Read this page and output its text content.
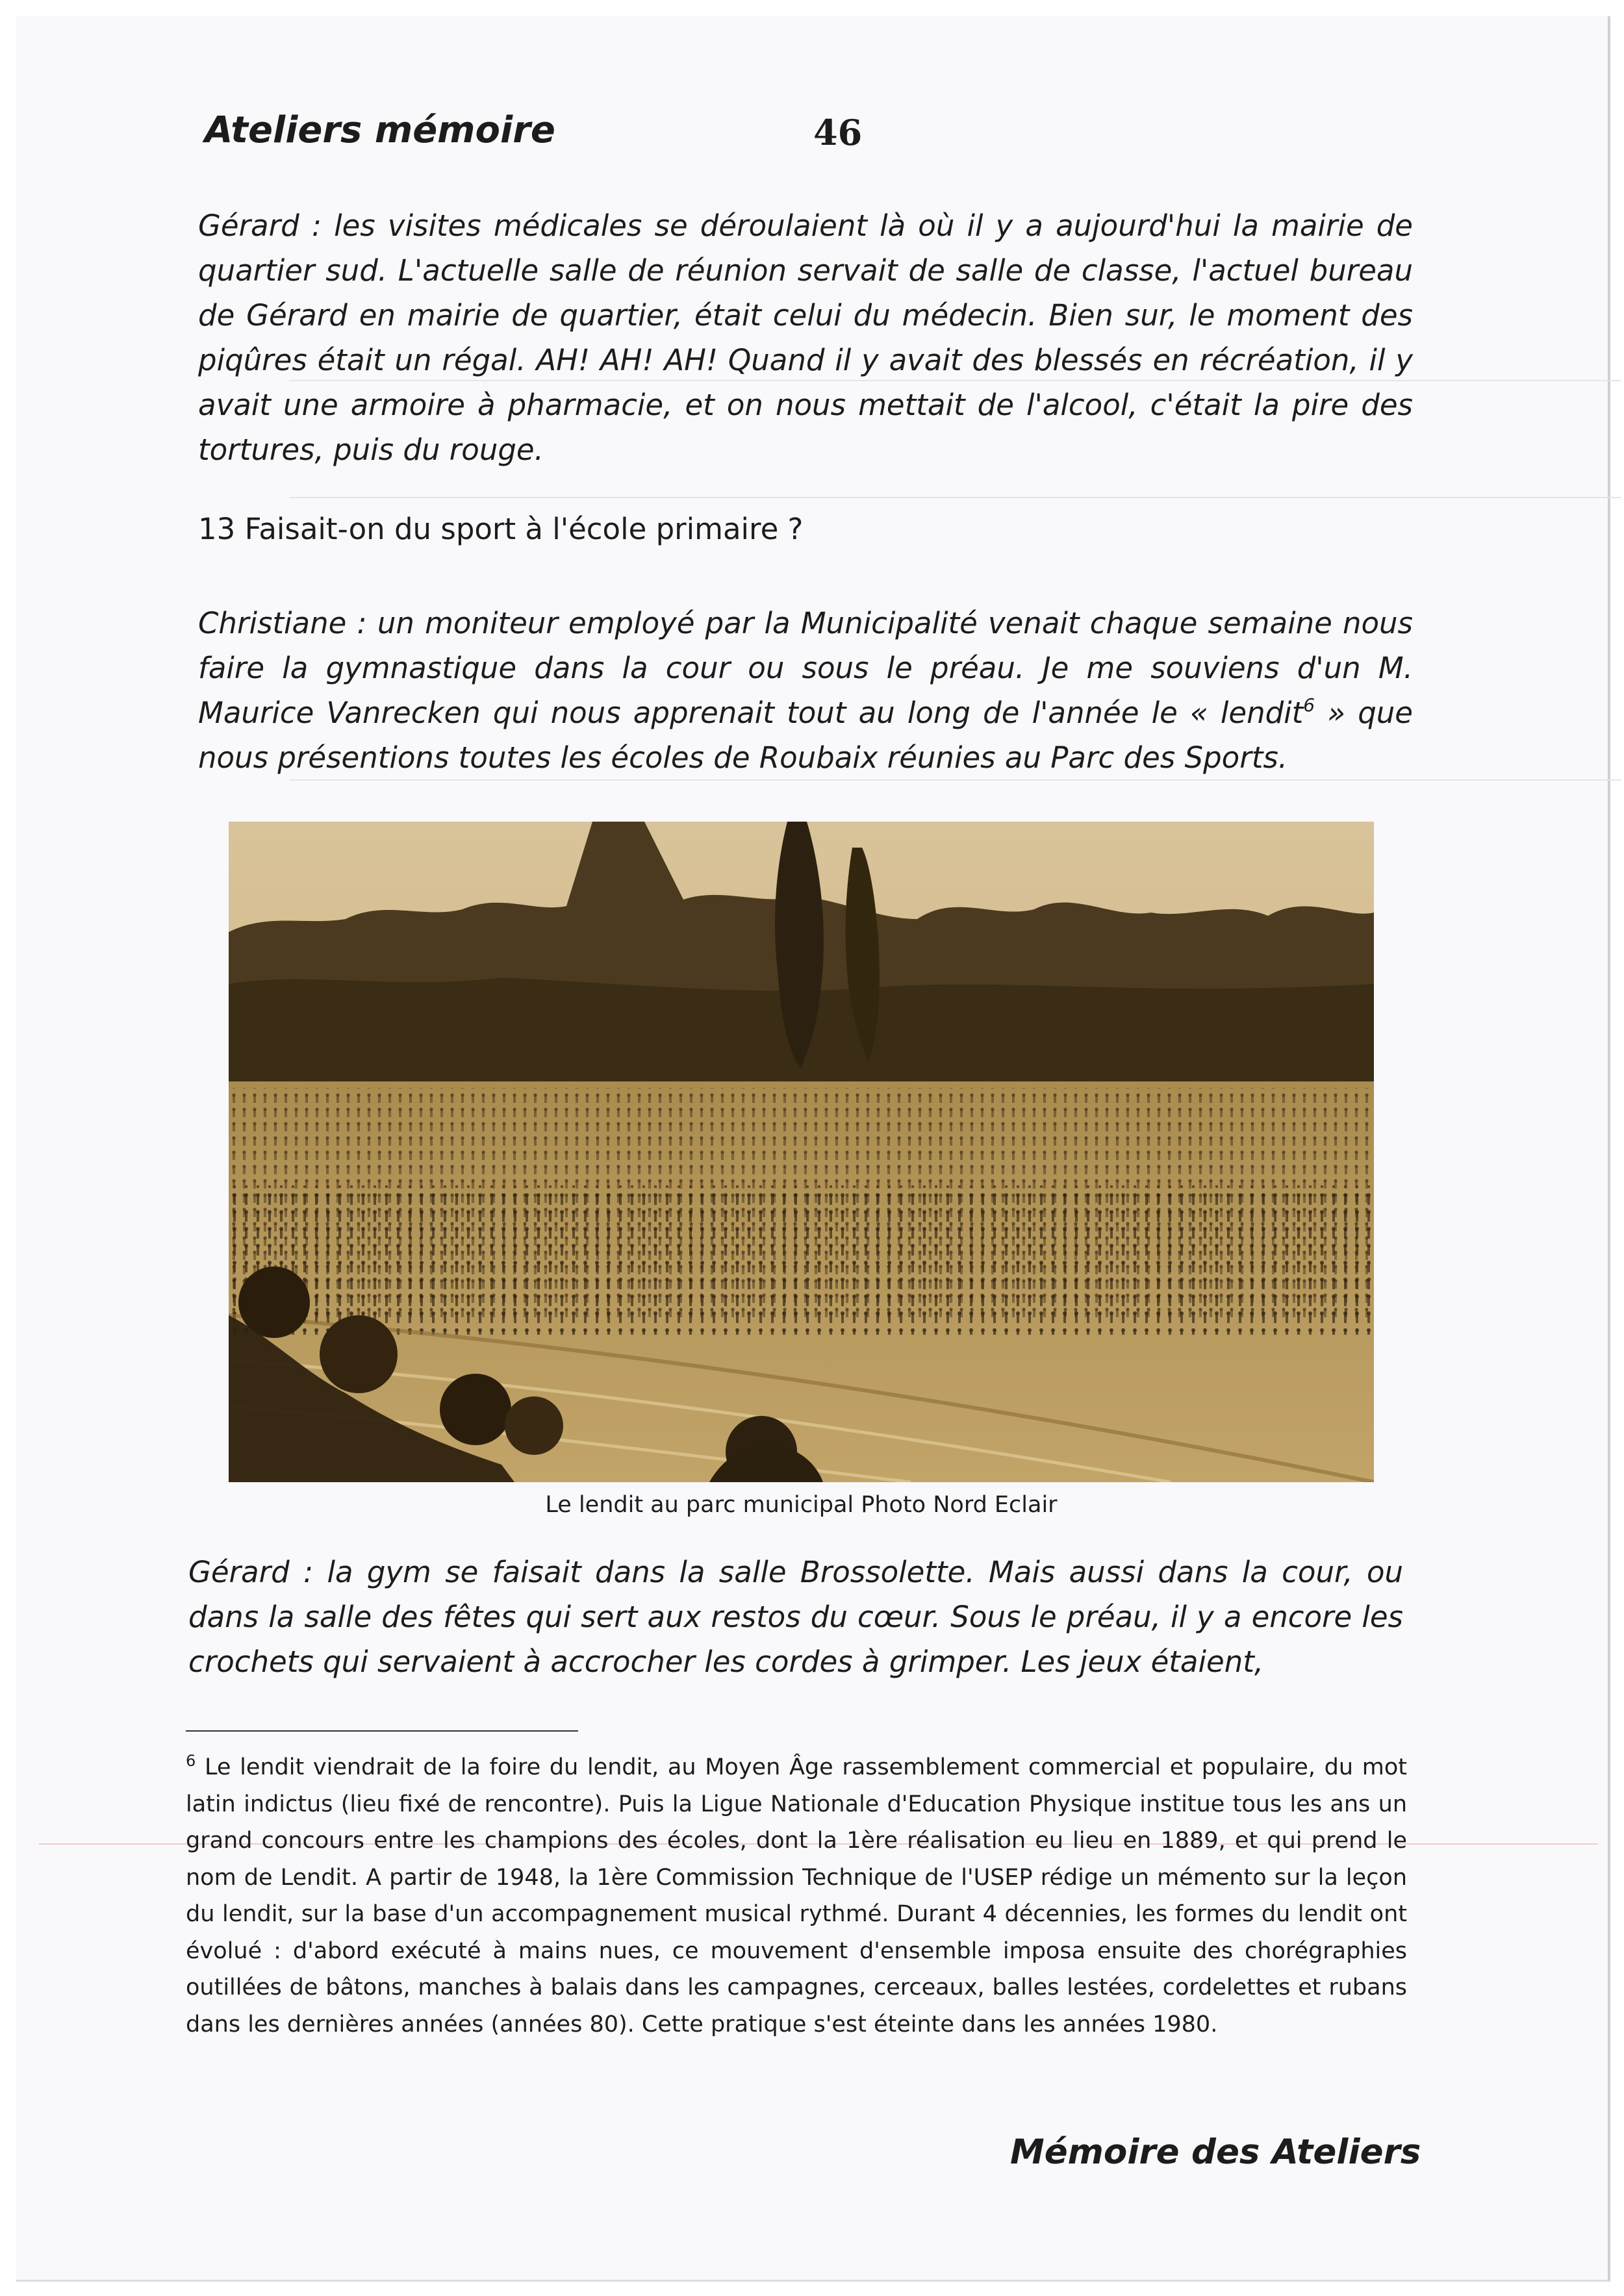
Ateliers mémoire	46

Gérard : les visites médicales se déroulaient là où il y a aujourd'hui la mairie de quartier sud. L'actuelle salle de réunion servait de salle de classe, l'actuel bureau de Gérard en mairie de quartier, était celui du médecin. Bien sur, le moment des piqûres était un régal. AH! AH! AH! Quand il y avait des blessés en récréation, il y avait une armoire à pharmacie, et on nous mettait de l'alcool, c'était la pire des tortures, puis du rouge.

13 Faisait-on du sport à l'école primaire ?

Christiane : un moniteur employé par la Municipalité venait chaque semaine nous faire la gymnastique dans la cour ou sous le préau. Je me souviens d'un M. Maurice Vanrecken qui nous apprenait tout au long de l'année le « lendit$^6$ » que nous présentions toutes les écoles de Roubaix réunies au Parc des Sports.

Le lendit au parc municipal Photo Nord Eclair

Gérard : la gym se faisait dans la salle Brossolette. Mais aussi dans la cour, ou dans la salle des fêtes qui sert aux restos du cœur. Sous le préau, il y a encore les crochets qui servaient à accrocher les cordes à grimper. Les jeux étaient,

$^6$ Le lendit viendrait de la foire du lendit, au Moyen Âge rassemblement commercial et populaire, du mot latin indictus (lieu fixé de rencontre). Puis la Ligue Nationale d'Education Physique institue tous les ans un grand concours entre les champions des écoles, dont la 1ère réalisation eu lieu en 1889, et qui prend le nom de Lendit. A partir de 1948, la 1ère Commission Technique de l'USEP rédige un mémento sur la leçon du lendit, sur la base d'un accompagnement musical rythmé. Durant 4 décennies, les formes du lendit ont évolué : d'abord exécuté à mains nues, ce mouvement d'ensemble imposa ensuite des chorégraphies outillées de bâtons, manches à balais dans les campagnes, cerceaux, balles lestées, cordelettes et rubans dans les dernières années (années 80). Cette pratique s'est éteinte dans les années 1980.

Mémoire des Ateliers
